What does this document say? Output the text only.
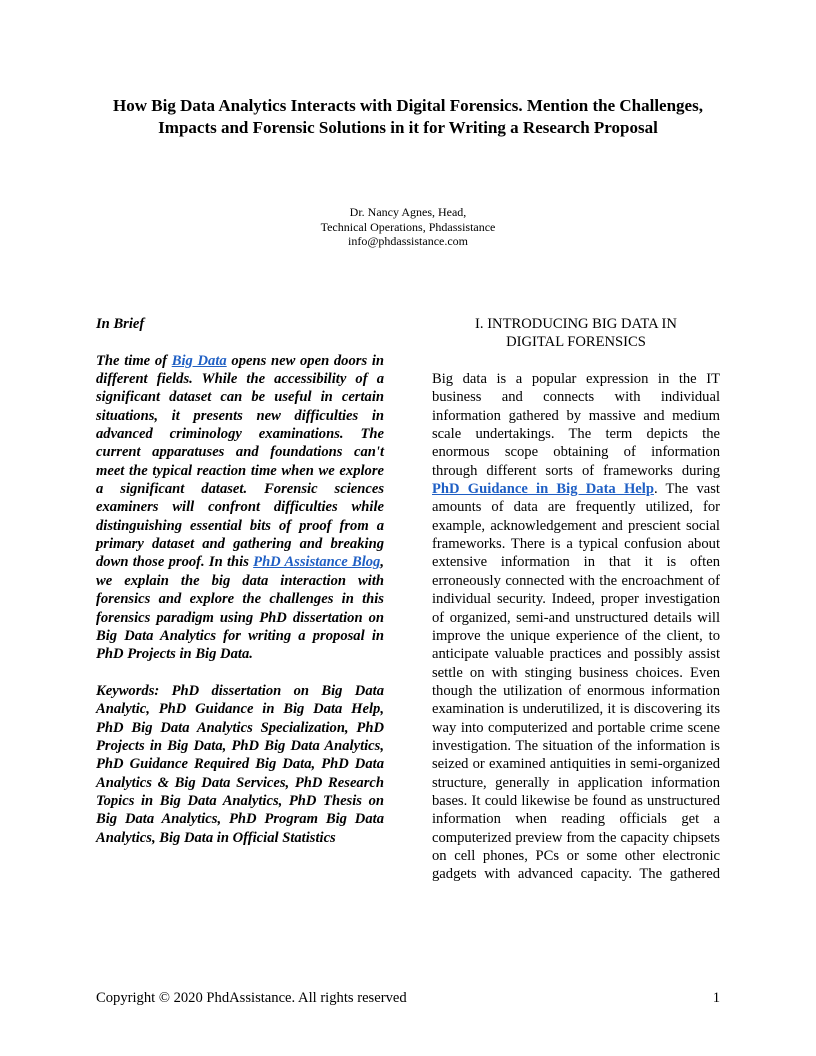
How Big Data Analytics Interacts with Digital Forensics. Mention the Challenges, Impacts and Forensic Solutions in it for Writing a Research Proposal
Dr. Nancy Agnes, Head,
Technical Operations, Phdassistance
info@phdassistance.com

In Brief

The time of Big Data opens new open doors in different fields. While the accessibility of a significant dataset can be useful in certain situations, it presents new difficulties in advanced criminology examinations. The current apparatuses and foundations can't meet the typical reaction time when we explore a significant dataset. Forensic sciences examiners will confront difficulties while distinguishing essential bits of proof from a primary dataset and gathering and breaking down those proof. In this PhD Assistance Blog, we explain the big data interaction with forensics and explore the challenges in this forensics paradigm using PhD dissertation on Big Data Analytics for writing a proposal in PhD Projects in Big Data.

Keywords: PhD dissertation on Big Data Analytic, PhD Guidance in Big Data Help, PhD Big Data Analytics Specialization, PhD Projects in Big Data, PhD Big Data Analytics, PhD Guidance Required Big Data, PhD Data Analytics & Big Data Services, PhD Research Topics in Big Data Analytics, PhD Thesis on Big Data Analytics, PhD Program Big Data Analytics, Big Data in Official Statistics

I. INTRODUCING BIG DATA IN
DIGITAL FORENSICS

Big data is a popular expression in the IT business and connects with individual information gathered by massive and medium scale undertakings. The term depicts the enormous scope obtaining of information through different sorts of frameworks during PhD Guidance in Big Data Help. The vast amounts of data are frequently utilized, for example, acknowledgement and prescient social frameworks. There is a typical confusion about extensive information in that it is often erroneously connected with the encroachment of individual security. Indeed, proper investigation of organized, semi-and unstructured details will improve the unique experience of the client, to anticipate valuable practices and possibly assist settle on with stinging business choices. Even though the utilization of enormous information examination is underutilized, it is discovering its way into computerized and portable crime scene investigation. The situation of the information is seized or examined antiquities in semi-organized structure, generally in application information bases. It could likewise be found as unstructured information when reading officials get a computerized preview from the capacity chipsets on cell phones, PCs or some other electronic gadgets with advanced capacity. The gathered

Copyright © 2020 PhdAssistance. All rights reserved	1
